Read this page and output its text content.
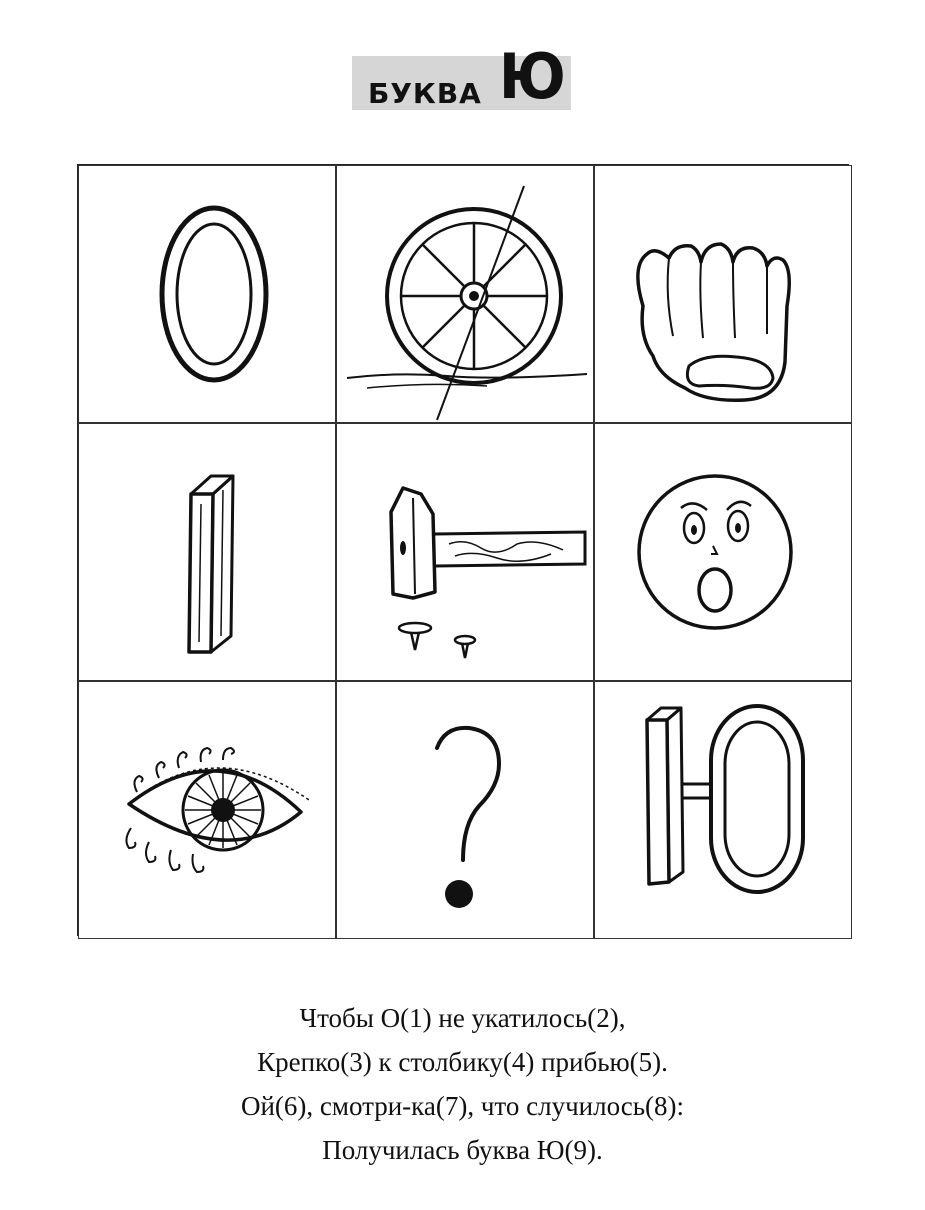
БУКВА Ю

Чтобы О(1) не укатилось(2),

Крепко(3) к столбику(4) прибью(5).

Ой(6), смотри-ка(7), что случилось(8):

Получилась буква Ю(9).
